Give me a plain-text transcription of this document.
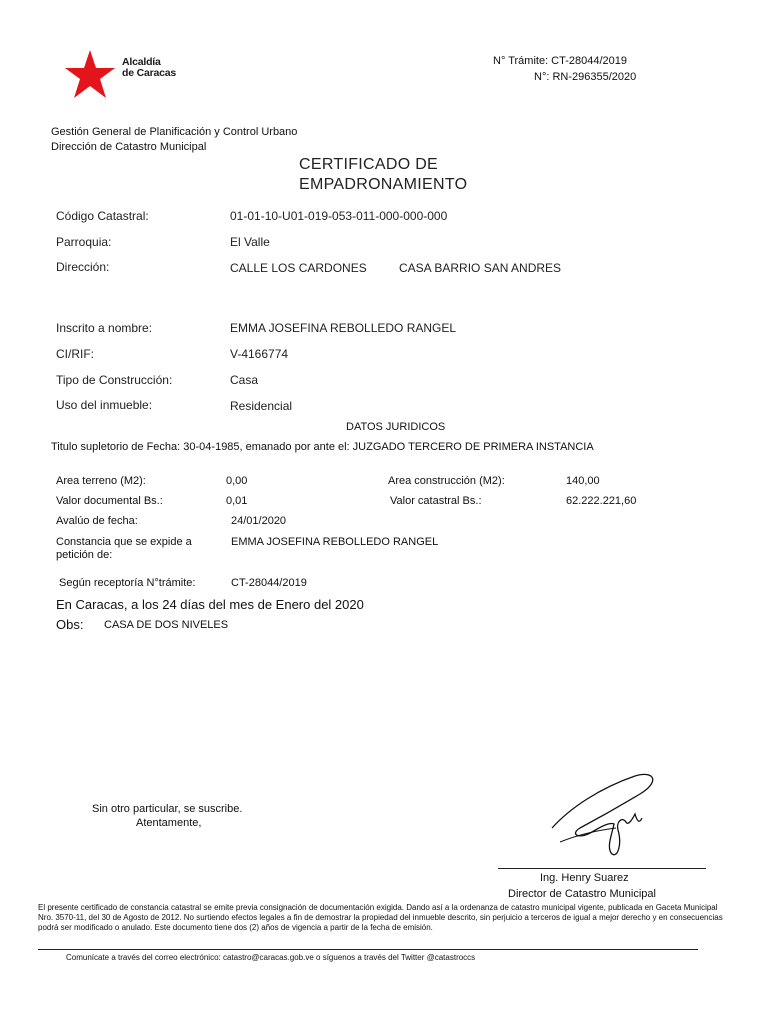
Alcaldía
de Caracas
N° Trámite: CT-28044/2019
N°: RN-296355/2020
Gestión General de Planificación y Control Urbano
Dirección de Catastro Municipal
CERTIFICADO DE
EMPADRONAMIENTO
Código Catastral:	01-01-10-U01-019-053-011-000-000-000
Parroquia:	El Valle
Dirección:	CALLE LOS CARDONES	CASA BARRIO SAN ANDRES
Inscrito a nombre:	EMMA JOSEFINA REBOLLEDO RANGEL
CI/RIF:	V-4166774
Tipo de Construcción:	Casa
Uso del inmueble:	Residencial
DATOS JURIDICOS
Titulo supletorio de Fecha: 30-04-1985, emanado por ante el: JUZGADO TERCERO DE PRIMERA INSTANCIA
Area terreno (M2):	0,00	Area construcción (M2):	140,00
Valor documental Bs.:	0,01	Valor catastral Bs.:	62.222.221,60
Avalúo de fecha:	24/01/2020
Constancia que se expide a
petición de:
EMMA JOSEFINA REBOLLEDO RANGEL
Según receptoría N°trámite:	CT-28044/2019
En Caracas, a los 24 días del mes de Enero del 2020
Obs: CASA DE DOS NIVELES
Sin otro particular, se suscribe.
Atentamente,
Ing. Henry Suarez
Director de Catastro Municipal
El presente certificado de constancia catastral se emite previa consignación de documentación exigida. Dando así a la ordenanza de catastro municipal vigente, publicada en Gaceta Municipal Nro. 3570-11, del 30 de Agosto de 2012. No surtiendo efectos legales a fin de demostrar la propiedad del inmueble descrito, sin perjuicio a terceros de igual a mejor derecho y en consecuencias podrá ser modificado o anulado. Este documento tiene dos (2) años de vigencia a partir de la fecha de emisión.
Comunícate a través del correo electrónico: catastro@caracas.gob.ve o síguenos a través del Twitter @catastroccs
